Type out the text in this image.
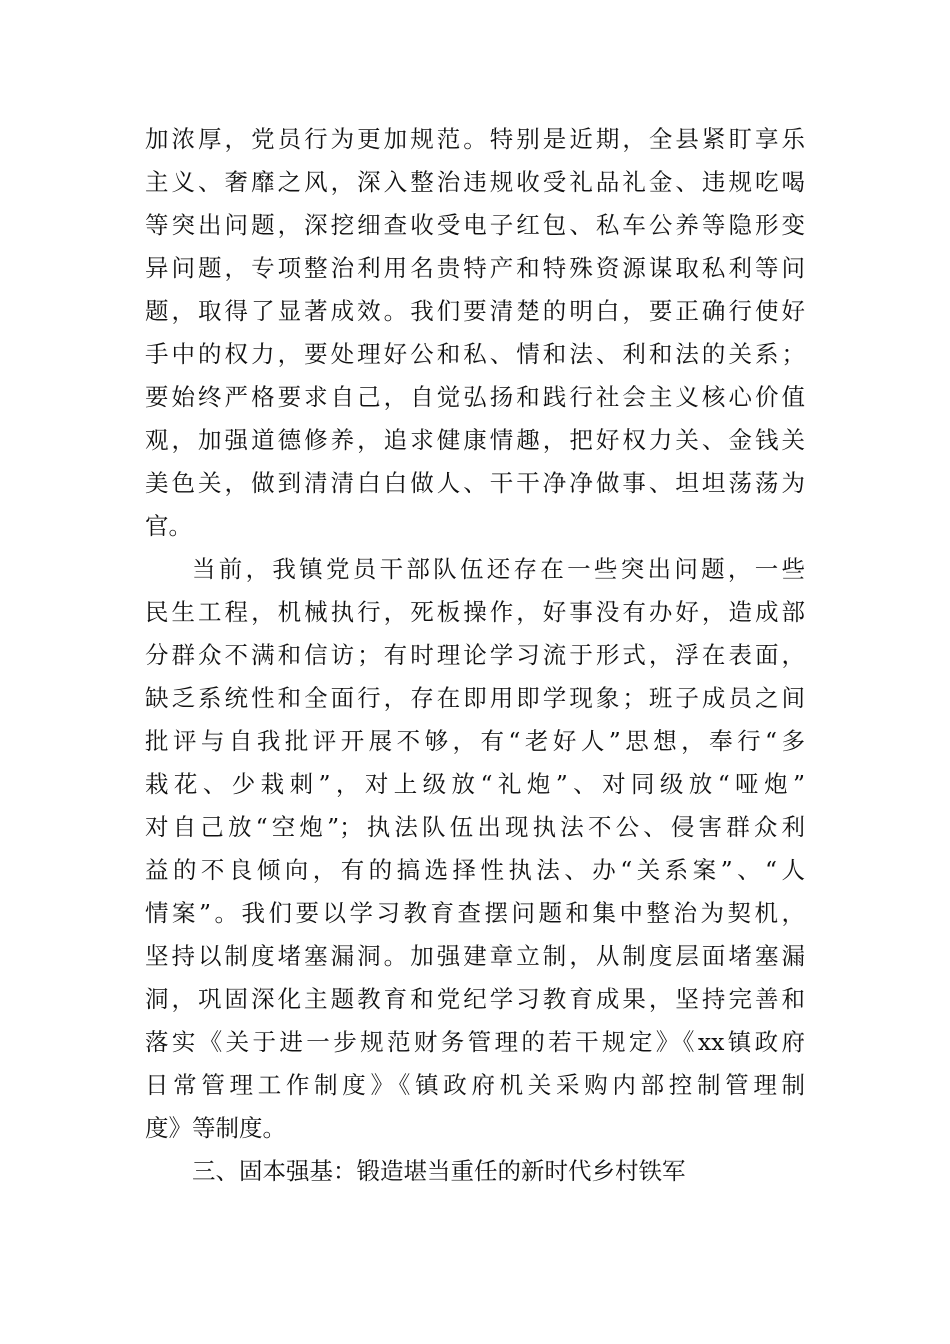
加浓厚，党员行为更加规范。特别是近期，全县紧盯享乐
主义、奢靡之风，深入整治违规收受礼品礼金、违规吃喝
等突出问题，深挖细查收受电子红包、私车公养等隐形变
异问题，专项整治利用名贵特产和特殊资源谋取私利等问
题，取得了显著成效。我们要清楚的明白，要正确行使好
手中的权力，要处理好公和私、情和法、利和法的关系；
要始终严格要求自己，自觉弘扬和践行社会主义核心价值
观，加强道德修养，追求健康情趣，把好权力关、金钱关
美色关，做到清清白白做人、干干净净做事、坦坦荡荡为
官。
当前，我镇党员干部队伍还存在一些突出问题，一些
民生工程，机械执行，死板操作，好事没有办好，造成部
分群众不满和信访；有时理论学习流于形式，浮在表面，
缺乏系统性和全面行，存在即用即学现象；班子成员之间
批评与自我批评开展不够，有“老好人”思想，奉行“多
栽花、少栽刺”，对上级放“礼炮”、对同级放“哑炮”
对自己放“空炮”；执法队伍出现执法不公、侵害群众利
益的不良倾向，有的搞选择性执法、办“关系案”、“人
情案”。我们要以学习教育查摆问题和集中整治为契机，
坚持以制度堵塞漏洞。加强建章立制，从制度层面堵塞漏
洞，巩固深化主题教育和党纪学习教育成果，坚持完善和
落实《关于进一步规范财务管理的若干规定》《xx镇政府
日常管理工作制度》《镇政府机关采购内部控制管理制
度》等制度。
三、固本强基：锻造堪当重任的新时代乡村铁军
